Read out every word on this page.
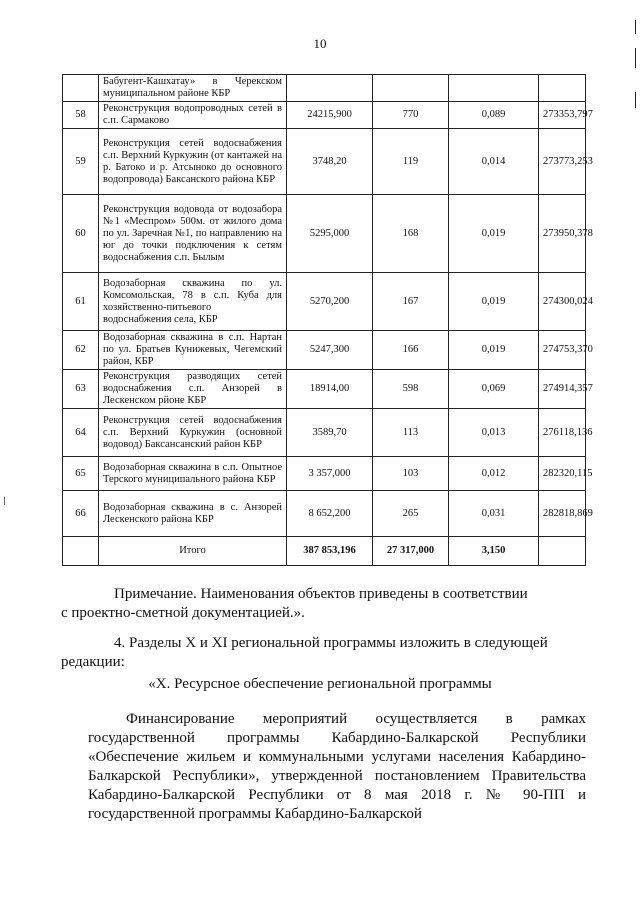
10
	Бабугент-Кашхатау» в Черекском муниципальном районе КБР				
58	Реконструкция водопроводных сетей в с.п. Сармаково	24215,900	770	0,089	273353,797
59	Реконструкция сетей водоснабжения с.п. Верхний Куркужин (от кантажей на р. Батоко и р. Атсыноко до основного водопровода) Баксанского района КБР	3748,20	119	0,014	273773,253
60	Реконструкция водовода от водозабора №1 «Меспром» 500м. от жилого дома по ул. Заречная №1, по направлению на юг до точки подключения к сетям водоснабжения с.п. Былым	5295,000	168	0,019	273950,378
61	Водозаборная скважина по ул. Комсомольская, 78 в с.п. Куба для хозяйственно-питьевого водоснабжения села, КБР	5270,200	167	0,019	274300,024
62	Водозаборная скважина в с.п. Нартан по ул. Братьев Кунижевых, Чегемский район, КБР	5247,300	166	0,019	274753,370
63	Реконструкция разводящих сетей водоснабжения с.п. Анзорей в Лескенском рйоне КБР	18914,00	598	0,069	274914,357
64	Реконструкция сетей водоснабжения с.п. Верхний Куркужин (основной водовод) Баксансанский район КБР	3589,70	113	0,013	276118,136
65	Водозаборная скважина в с.п. Опытное Терского муниципального района КБР	3 357,000	103	0,012	282320,115
66	Водозаборная скважина в с. Анзорей Лескенского района КБР	8 652,200	265	0,031	282818,869
	Итого	387 853,196	27 317,000	3,150	
Примечание. Наименования объектов приведены в соответствии
с проектно-сметной документацией.».
4. Разделы X и XI региональной программы изложить в следующей
редакции:
«X. Ресурсное обеспечение региональной программы
Финансирование мероприятий осуществляется в рамках государственной программы Кабардино-Балкарской Республики «Обеспечение жильем и коммунальными услугами населения Кабардино-Балкарской Республики», утвержденной постановлением Правительства Кабардино-Балкарской Республики от 8 мая 2018 г. № 90-ПП и государственной программы Кабардино-Балкарской
